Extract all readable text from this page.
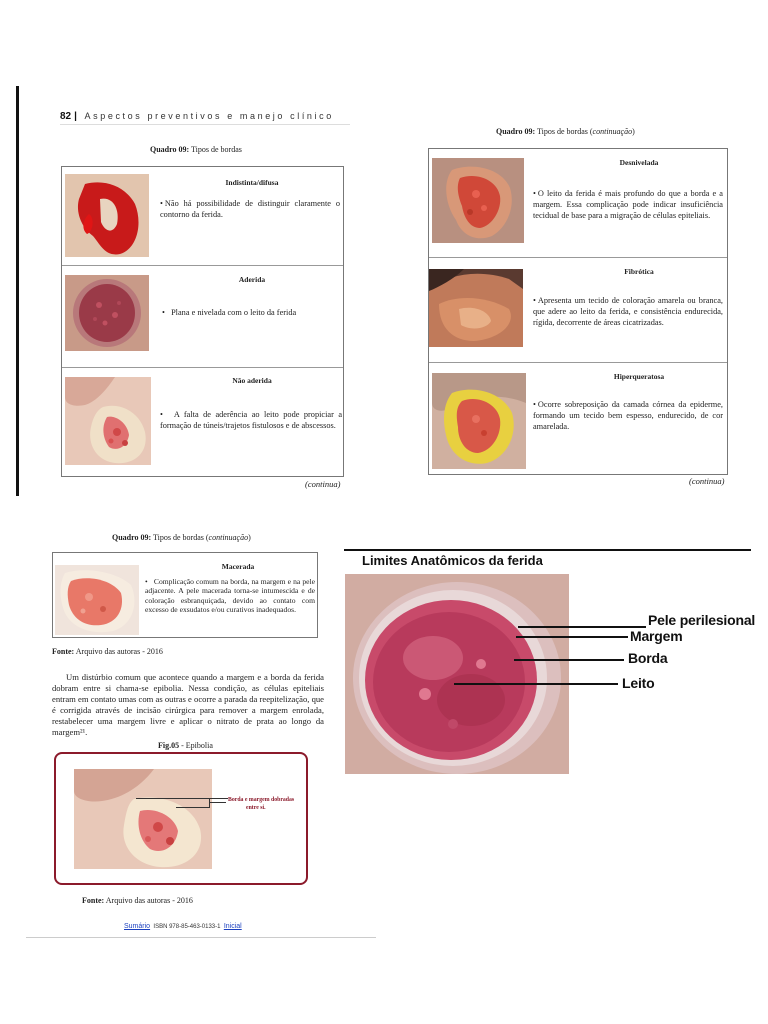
82 | Aspectos preventivos e manejo clínico
Quadro 09: Tipos de bordas
Indistinta/difusa
• Não há possibilidade de distinguir claramente o contorno da ferida.
Aderida
• Plana e nivelada com o leito da ferida
Não aderida
• A falta de aderência ao leito pode propiciar a formação de túneis/trajetos fistulosos e de abscessos.
(continua)
Quadro 09: Tipos de bordas (continuação)
Desnivelada
• O leito da ferida é mais profundo do que a borda e a margem. Essa complicação pode indicar insuficiência tecidual de base para a migração de células epiteliais.
Fibrótica
• Apresenta um tecido de coloração amarela ou branca, que adere ao leito da ferida, e consistência endurecida, rígida, decorrente de áreas cicatrizadas.
Hiperqueratosa
• Ocorre sobreposição da camada córnea da epiderme, formando um tecido bem espesso, endurecido, de cor amarelada.
(continua)
Quadro 09: Tipos de bordas (continuação)
Macerada
• Complicação comum na borda, na margem e na pele adjacente. A pele macerada torna-se intumescida e de coloração esbranquiçada, devido ao contato com excesso de exsudatos e/ou curativos inadequados.
Fonte: Arquivo das autoras - 2016
Um distúrbio comum que acontece quando a margem e a borda da ferida dobram entre si chama-se epibolia. Nessa condição, as células epiteliais entram em contato umas com as outras e ocorre a parada da reepitelização, que é corrigida através de incisão cirúrgica para remover a margem enrolada, restabelecer uma margem livre e aplicar o nitrato de prata ao longo da margem²¹.
Fig.05 - Epibolia
Borda e margem dobradas
entre si.
Fonte: Arquivo das autoras - 2016
Sumário ISBN 978-85-463-0133-1 Inicial
Limites Anatômicos da ferida
Pele perilesional
Margem
Borda
Leito
